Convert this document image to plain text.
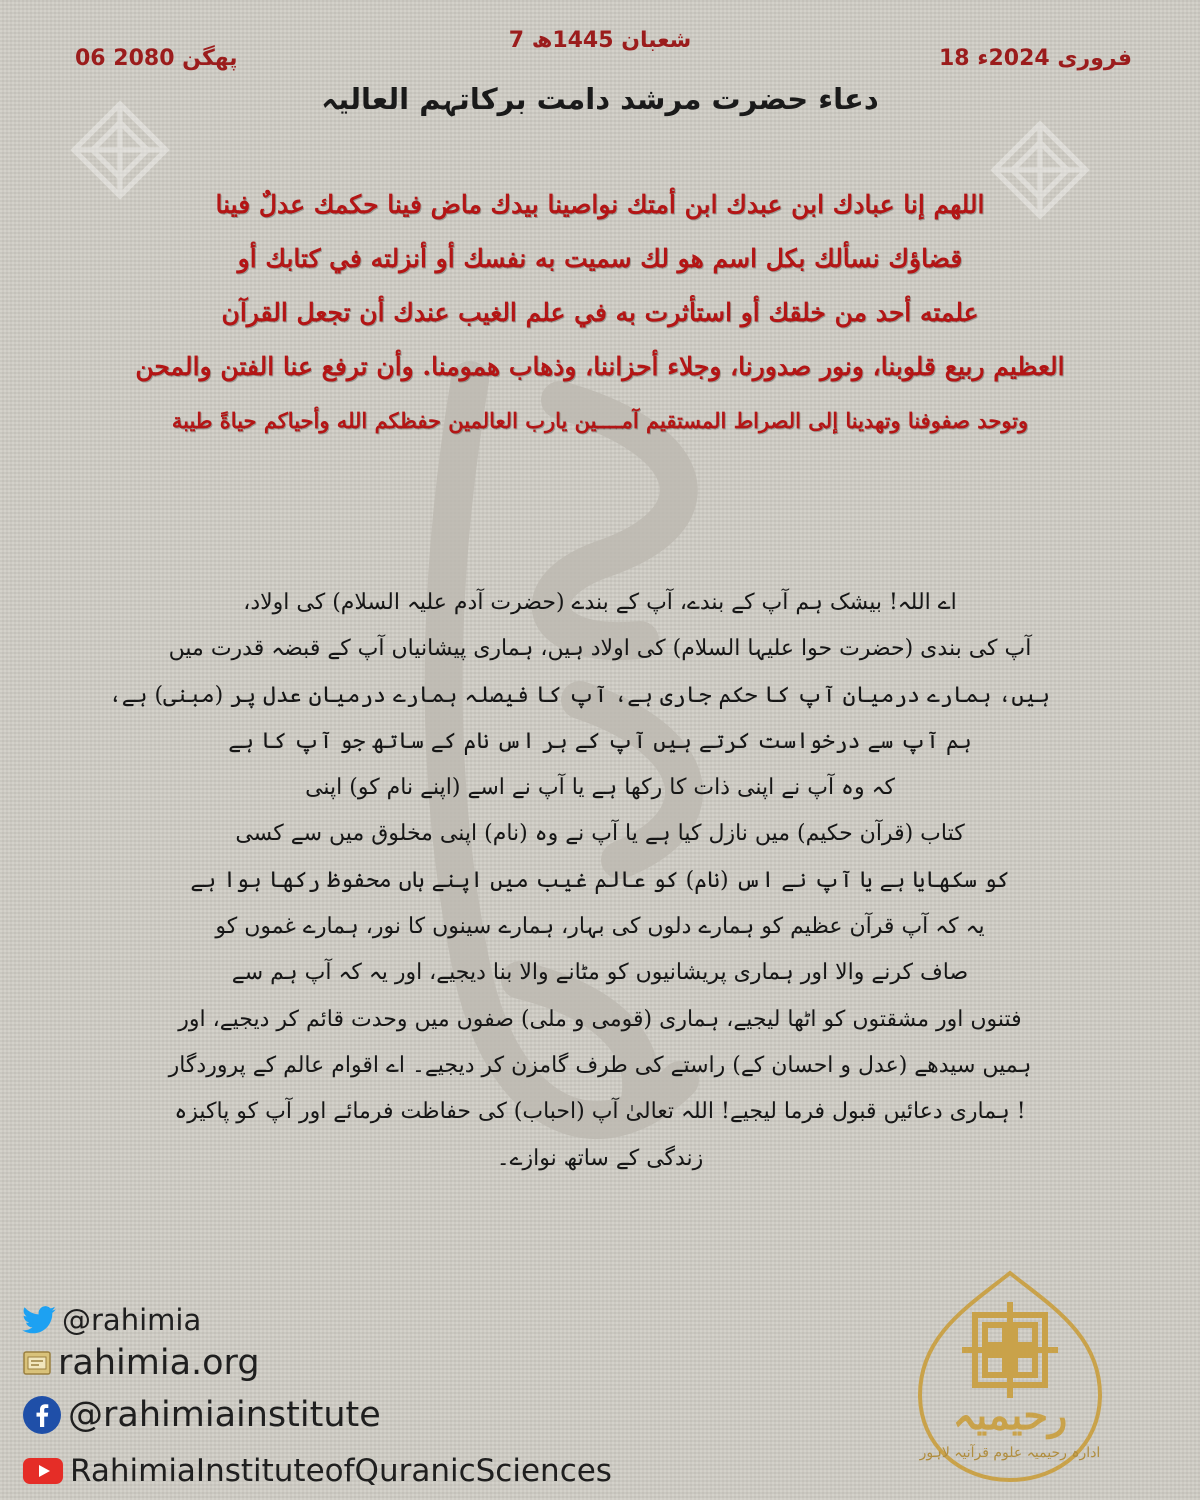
7 شعبان 1445ھ
18 فروری 2024ء
06 پھگن 2080
دعاء حضرت مرشد دامت برکاتہم العالیہ
اللهم إنا عبادك ابن عبدك ابن أمتك نواصينا بيدك ماض فينا حكمك عدلٌ فينا
قضاؤك نسألك بكل اسم هو لك سميت به نفسك أو أنزلته في كتابك أو
علمته أحد من خلقك أو استأثرت به في علم الغيب عندك أن تجعل القرآن
العظيم ربيع قلوبنا، ونور صدورنا، وجلاء أحزاننا، وذهاب همومنا. وأن ترفع عنا الفتن والمحن
وتوحد صفوفنا وتهدينا إلى الصراط المستقيم آمــــين يارب العالمين حفظكم الله وأحياكم حياةً طيبة
اے اللہ! بیشک ہم آپ کے بندے، آپ کے بندے (حضرت آدم علیہ السلام) کی اولاد،
آپ کی بندی (حضرت حوا علیہا السلام) کی اولاد ہیں، ہماری پیشانیاں آپ کے قبضہ قدرت میں
ہیں، ہمارے درمیان آپ کا حکم جاری ہے، آپ کا فیصلہ ہمارے درمیان عدل پر (مبنی) ہے،
ہم آپ سے درخواست کرتے ہیں آپ کے ہر اس نام کے ساتھ جو آپ کا ہے
کہ وہ آپ نے اپنی ذات کا رکھا ہے یا آپ نے اسے (اپنے نام کو) اپنی
کتاب (قرآن حکیم) میں نازل کیا ہے یا آپ نے وہ (نام) اپنی مخلوق میں سے کسی
کو سکھایا ہے یا آپ نے اس (نام) کو عالم غیب میں اپنے ہاں محفوظ رکھا ہوا ہے
یہ کہ آپ قرآن عظیم کو ہمارے دلوں کی بہار، ہمارے سینوں کا نور، ہمارے غموں کو
صاف کرنے والا اور ہماری پریشانیوں کو مٹانے والا بنا دیجیے، اور یہ کہ آپ ہم سے
فتنوں اور مشقتوں کو اٹھا لیجیے، ہماری (قومی و ملی) صفوں میں وحدت قائم کر دیجیے، اور
ہمیں سیدھے (عدل و احسان کے) راستے کی طرف گامزن کر دیجیے۔ اے اقوام عالم کے پروردگار
! ہماری دعائیں قبول فرما لیجیے! اللہ تعالیٰ آپ (احباب) کی حفاظت فرمائے اور آپ کو پاکیزہ
زندگی کے ساتھ نوازے۔
@rahimia
rahimia.org
@rahimiainstitute
RahimiaInstituteofQuranicSciences
رحیمیہ
ادارہ رحیمیہ علوم قرآنیہ لاہور
